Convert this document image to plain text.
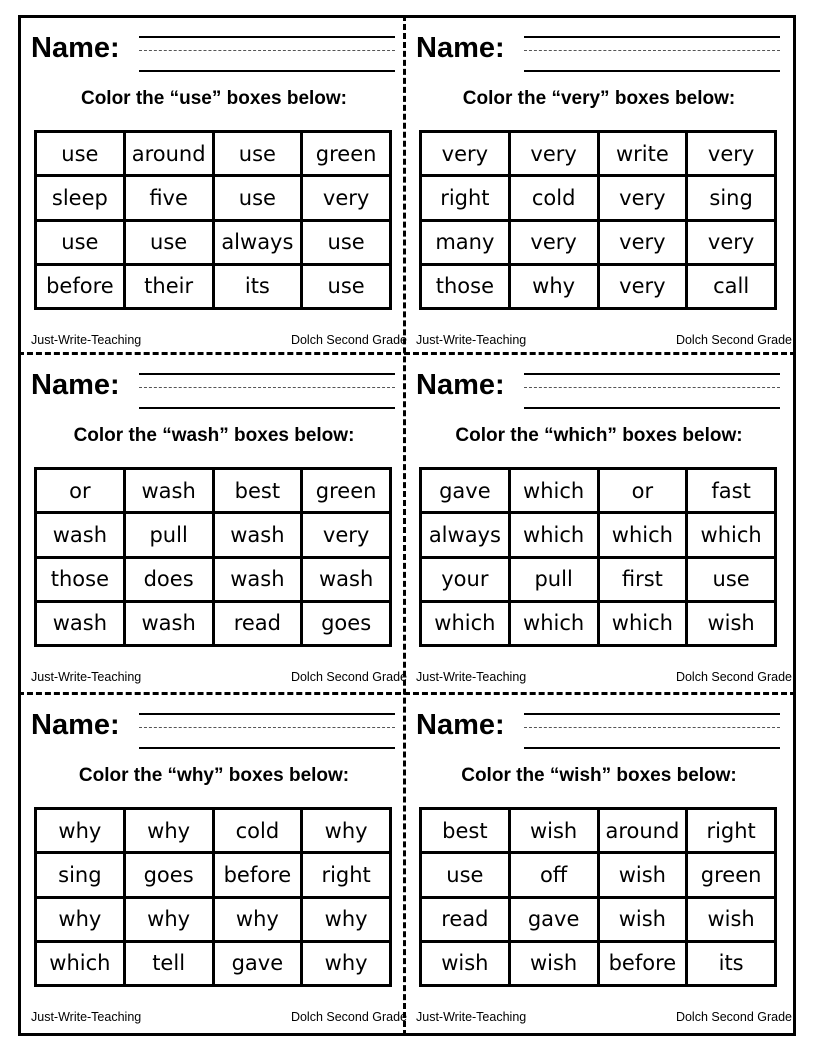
Name:
Color the “use” boxes below:
use	around	use	green
sleep	five	use	very
use	use	always	use
before	their	its	use
Just-Write-Teaching	Dolch Second Grade
Name:
Color the “very” boxes below:
very	very	write	very
right	cold	very	sing
many	very	very	very
those	why	very	call
Just-Write-Teaching	Dolch Second Grade
Name:
Color the “wash” boxes below:
or	wash	best	green
wash	pull	wash	very
those	does	wash	wash
wash	wash	read	goes
Just-Write-Teaching	Dolch Second Grade
Name:
Color the “which” boxes below:
gave	which	or	fast
always	which	which	which
your	pull	first	use
which	which	which	wish
Just-Write-Teaching	Dolch Second Grade
Name:
Color the “why” boxes below:
why	why	cold	why
sing	goes	before	right
why	why	why	why
which	tell	gave	why
Just-Write-Teaching	Dolch Second Grade
Name:
Color the “wish” boxes below:
best	wish	around	right
use	off	wish	green
read	gave	wish	wish
wish	wish	before	its
Just-Write-Teaching	Dolch Second Grade
